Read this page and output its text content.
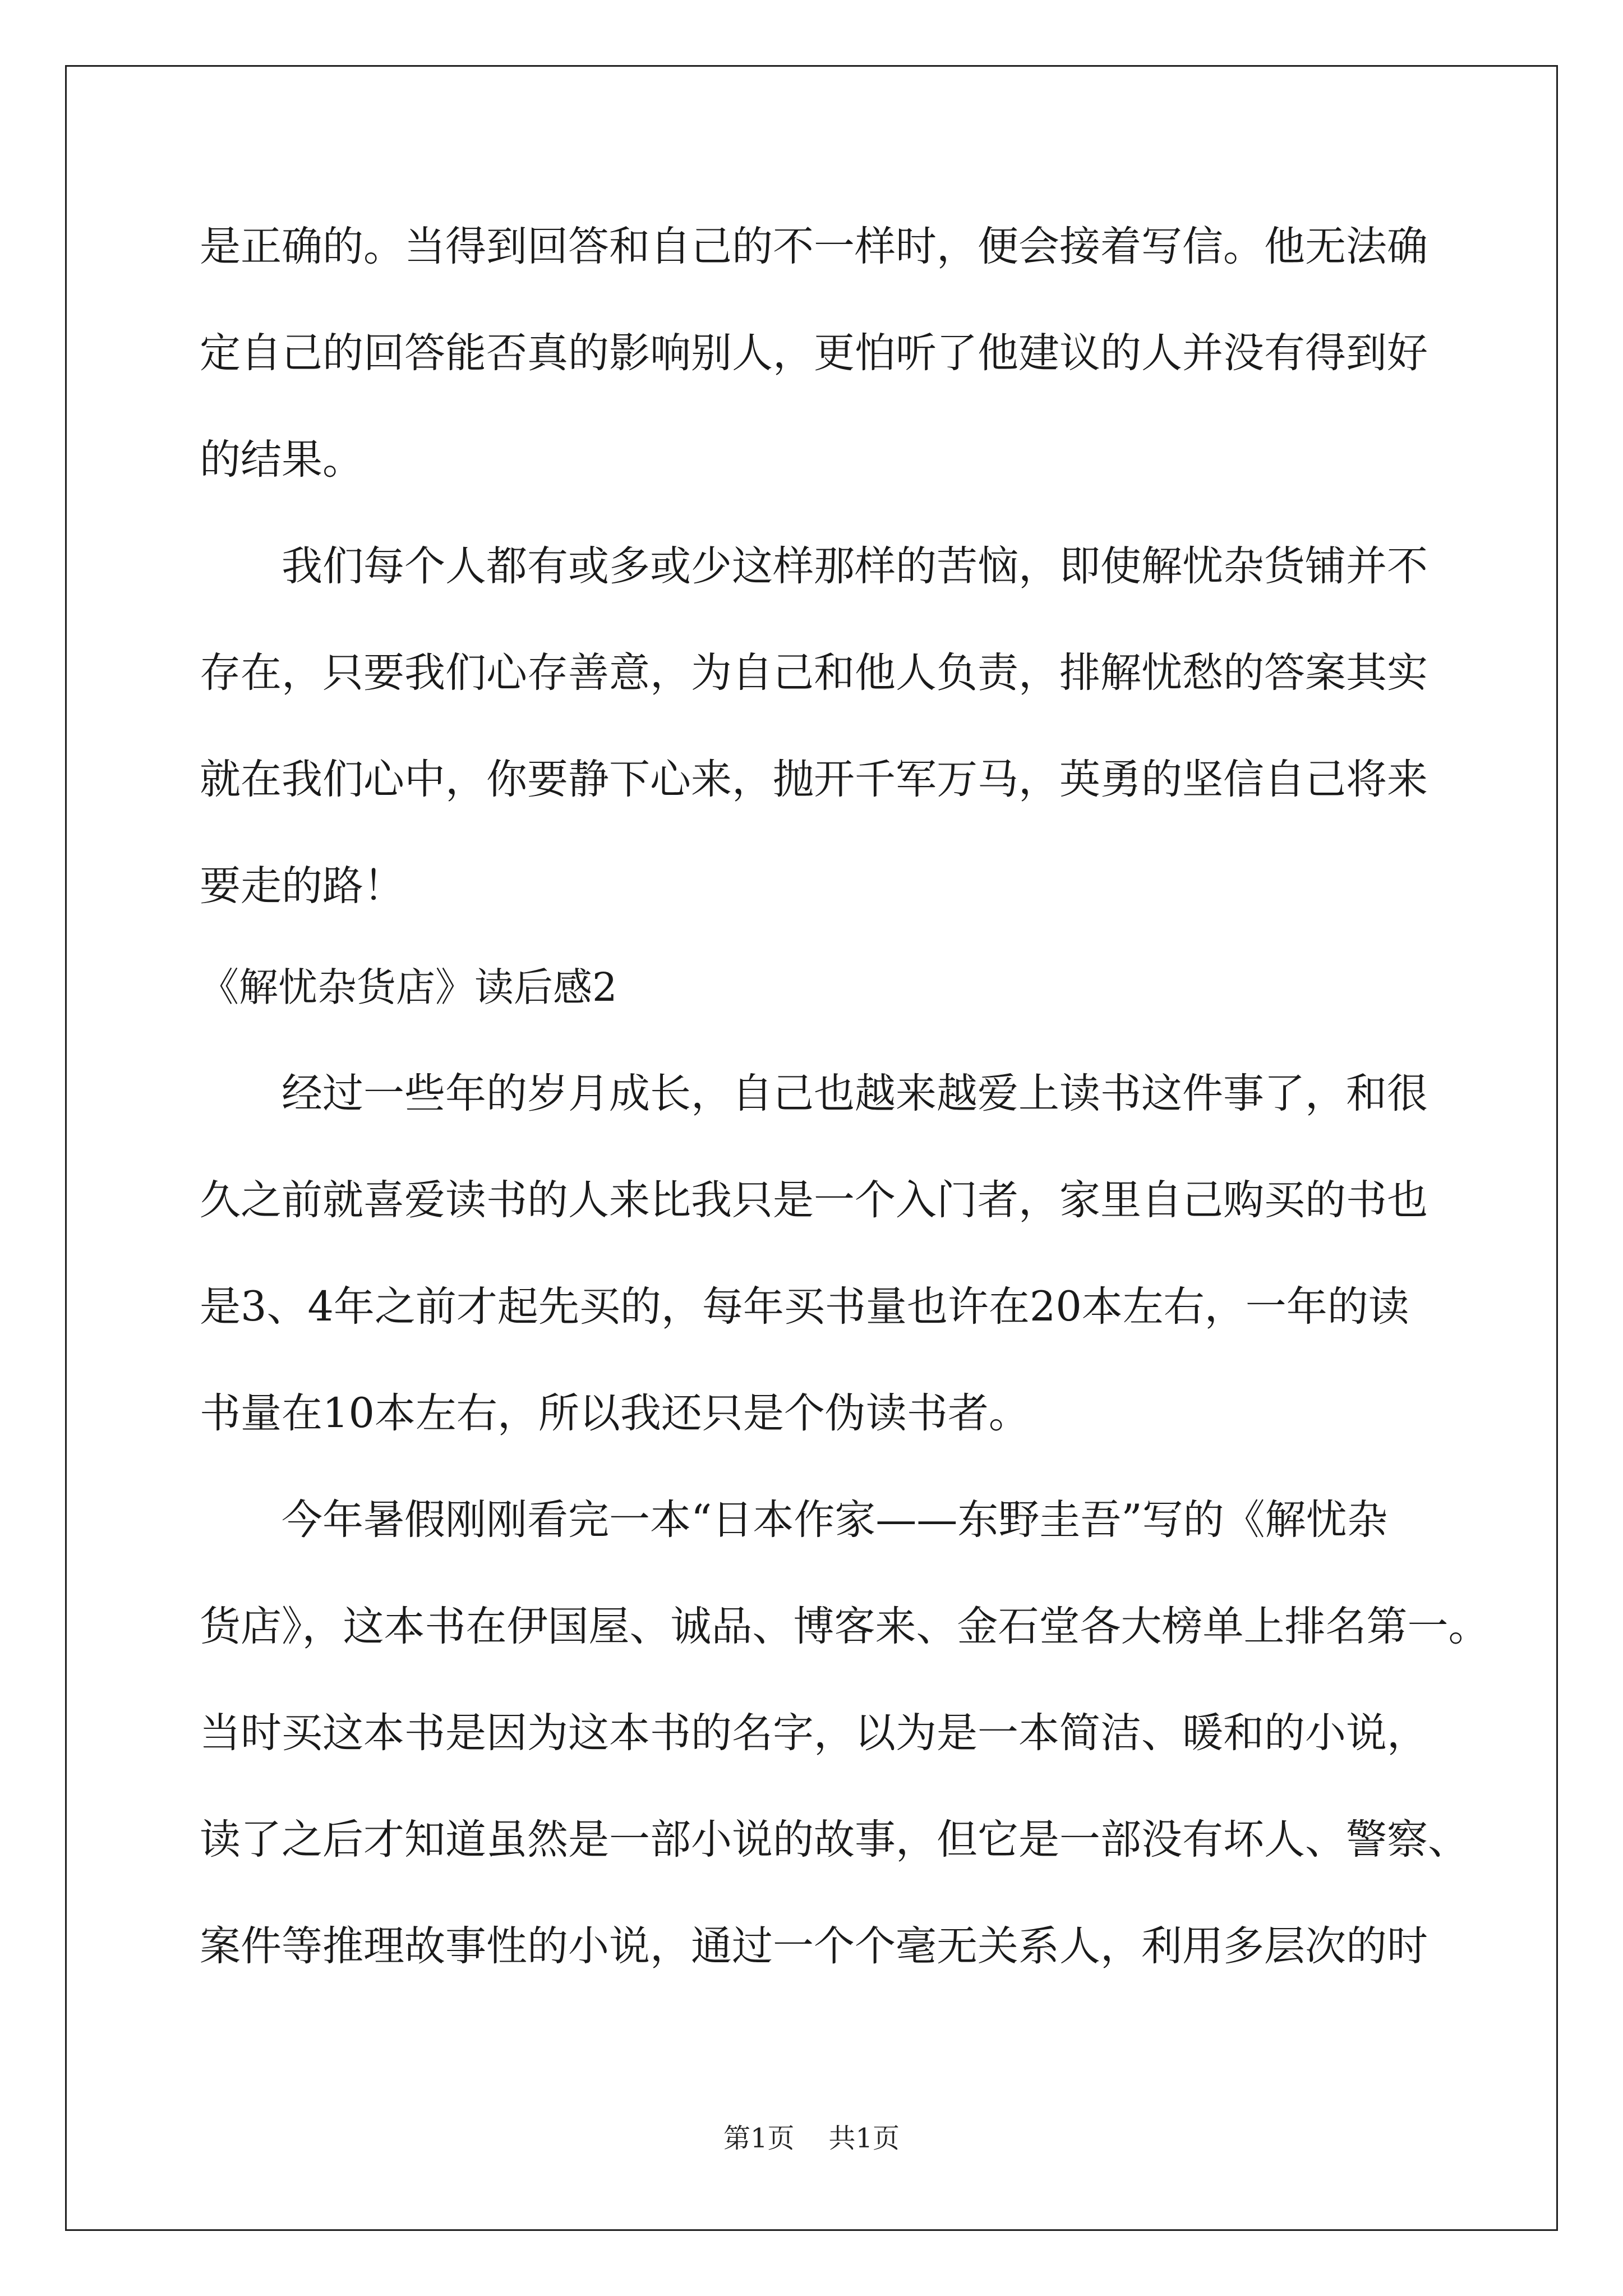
是正确的。当得到回答和自己的不一样时，便会接着写信。他无法确
定自己的回答能否真的影响别人，更怕听了他建议的人并没有得到好
的结果。
我们每个人都有或多或少这样那样的苦恼，即使解忧杂货铺并不
存在，只要我们心存善意，为自己和他人负责，排解忧愁的答案其实
就在我们心中，你要静下心来，抛开千军万马，英勇的坚信自己将来
要走的路！
《解忧杂货店》读后感2
经过一些年的岁月成长，自己也越来越爱上读书这件事了，和很
久之前就喜爱读书的人来比我只是一个入门者，家里自己购买的书也
是3、4年之前才起先买的，每年买书量也许在20本左右，一年的读
书量在10本左右，所以我还只是个伪读书者。
今年暑假刚刚看完一本“日本作家——东野圭吾”写的《解忧杂
货店》，这本书在伊国屋、诚品、博客来、金石堂各大榜单上排名第一。
当时买这本书是因为这本书的名字，以为是一本简洁、暖和的小说，
读了之后才知道虽然是一部小说的故事，但它是一部没有坏人、警察、
案件等推理故事性的小说，通过一个个毫无关系人，利用多层次的时
第1页 共1页
